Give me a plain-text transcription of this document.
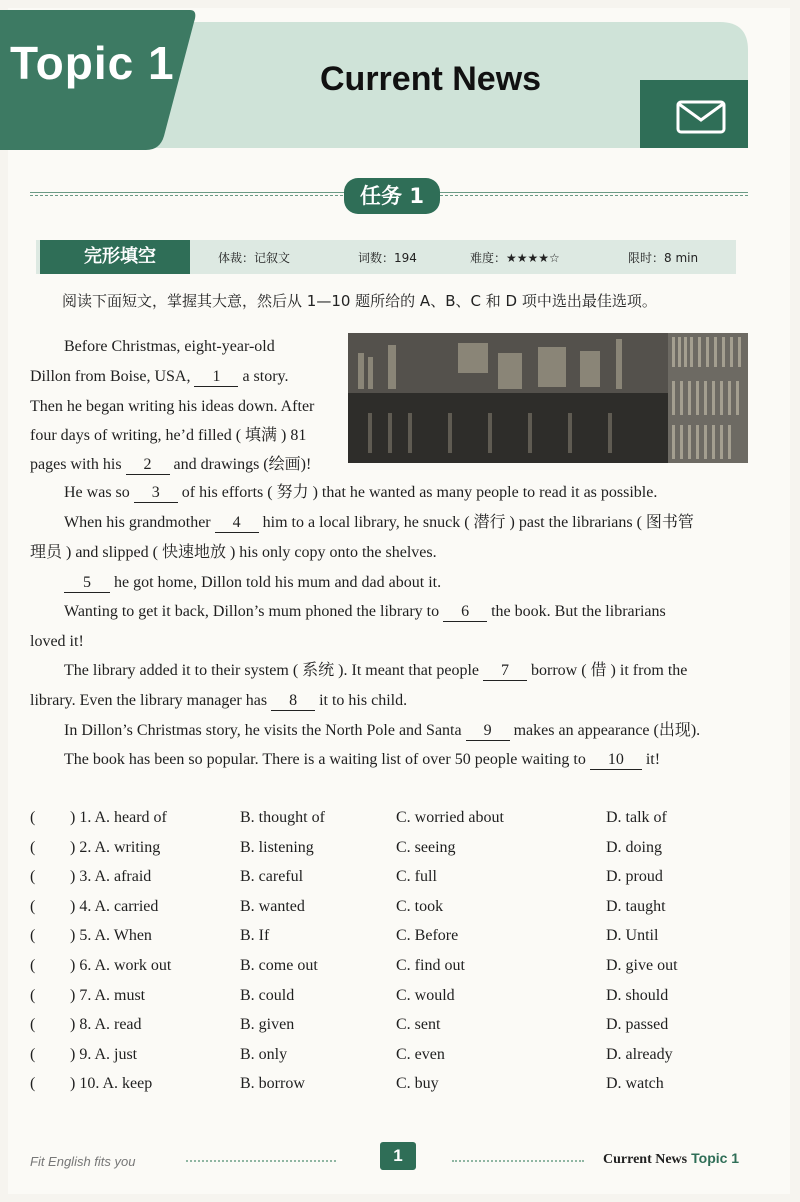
Topic 1	Current News
任务 1
完形填空	体裁：记叙文	词数：194	难度：★★★★☆	限时：8 min
阅读下面短文，掌握其大意，然后从 1—10 题所给的 A、B、C 和 D 项中选出最佳选项。
Before Christmas, eight-year-old
Dillon from Boise, USA, 1 a story.
Then he began writing his ideas down. After
four days of writing, he’d filled ( 填满 ) 81
pages with his 2 and drawings (绘画)!
He was so 3 of his efforts ( 努力 ) that he wanted as many people to read it as possible.
When his grandmother 4 him to a local library, he snuck ( 潜行 ) past the librarians ( 图书管
理员 ) and slipped ( 快速地放 ) his only copy onto the shelves.
5 he got home, Dillon told his mum and dad about it.
Wanting to get it back, Dillon’s mum phoned the library to 6 the book. But the librarians
loved it!
The library added it to their system ( 系统 ). It meant that people 7 borrow ( 借 ) it from the
library. Even the library manager has 8 it to his child.
In Dillon’s Christmas story, he visits the North Pole and Santa 9 makes an appearance (出现).
The book has been so popular. There is a waiting list of over 50 people waiting to 10 it!
( ) 1. A. heard of	B. thought of	C. worried about	D. talk of
( ) 2. A. writing	B. listening	C. seeing	D. doing
( ) 3. A. afraid	B. careful	C. full	D. proud
( ) 4. A. carried	B. wanted	C. took	D. taught
( ) 5. A. When	B. If	C. Before	D. Until
( ) 6. A. work out	B. come out	C. find out	D. give out
( ) 7. A. must	B. could	C. would	D. should
( ) 8. A. read	B. given	C. sent	D. passed
( ) 9. A. just	B. only	C. even	D. already
( ) 10. A. keep	B. borrow	C. buy	D. watch
Fit English fits you	1	Current News Topic 1
